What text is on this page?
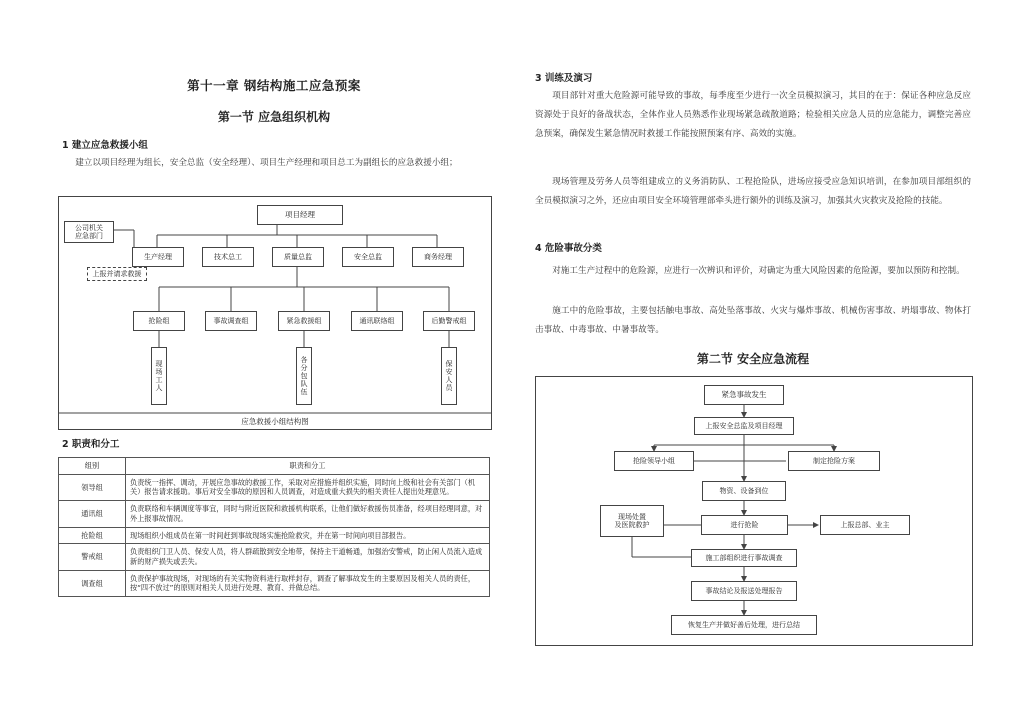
第十一章 钢结构施工应急预案
第一节 应急组织机构
1 建立应急救援小组
建立以项目经理为组长，安全总监（安全经理）、项目生产经理和项目总工为副组长的应急救援小组；
项目经理
公司机关
应急部门
上报并请求救援
生产经理	技术总工	质量总监	安全总监	商务经理
抢险组	事故调查组	紧急救援组	通讯联络组	后勤警戒组
现场工人	各分包队伍	保安人员
应急救援小组结构图
2 职责和分工
组别	职责和分工
领导组	负责统一指挥、调动，开展应急事故的救援工作，采取对应措施并组织实施，同时向上级和社会有关部门（机关）报告请求援助。事后对安全事故的原因和人员调查，对造成重大损失的相关责任人提出处理意见。
通讯组	负责联络和车辆调度等事宜，同时与附近医院和救援机构联系，让他们做好救援伤员准备，经项目经理同意，对外上报事故情况。
抢险组	现场组织小组成员在第一时间赶到事故现场实施抢险救灾，并在第一时间向项目部报告。
警戒组	负责组织门卫人员、保安人员，将人群疏散到安全地带，保持主干道畅通，加强治安警戒，防止闲人员流入造成新的财产损失或丢失。
调查组	负责保护事故现场，对现场的有关实物资料进行取样封存，调查了解事故发生的主要原因及相关人员的责任，按“四不放过”的原则对相关人员进行处理、教育、并做总结。
3 训练及演习
项目部针对重大危险源可能导致的事故，每季度至少进行一次全员模拟演习，其目的在于：保证各种应急反应资源处于良好的备战状态，全体作业人员熟悉作业现场紧急疏散道路；检验相关应急人员的应急能力，调整完善应急预案，确保发生紧急情况时救援工作能按照预案有序、高效的实施。
现场管理及劳务人员等组建成立的义务消防队、工程抢险队，进场应接受应急知识培训，在参加项目部组织的全员模拟演习之外，还应由项目安全环境管理部牵头进行额外的训练及演习，加强其火灾救灾及抢险的技能。
4 危险事故分类
对施工生产过程中的危险源，应进行一次辨识和评价，对确定为重大风险因素的危险源，要加以预防和控制。
施工中的危险事故，主要包括触电事故、高处坠落事故、火灾与爆炸事故、机械伤害事故、坍塌事故、物体打击事故、中毒事故、中暑事故等。
第二节 安全应急流程
紧急事故发生
上报安全总监及项目经理
抢险领导小组	制定抢险方案
物资、设备到位
现场处置
及医院救护	进行抢险	上报总部、业主
施工部组织进行事故调查
事故结论及报送处理报告
恢复生产并做好善后处理，进行总结
